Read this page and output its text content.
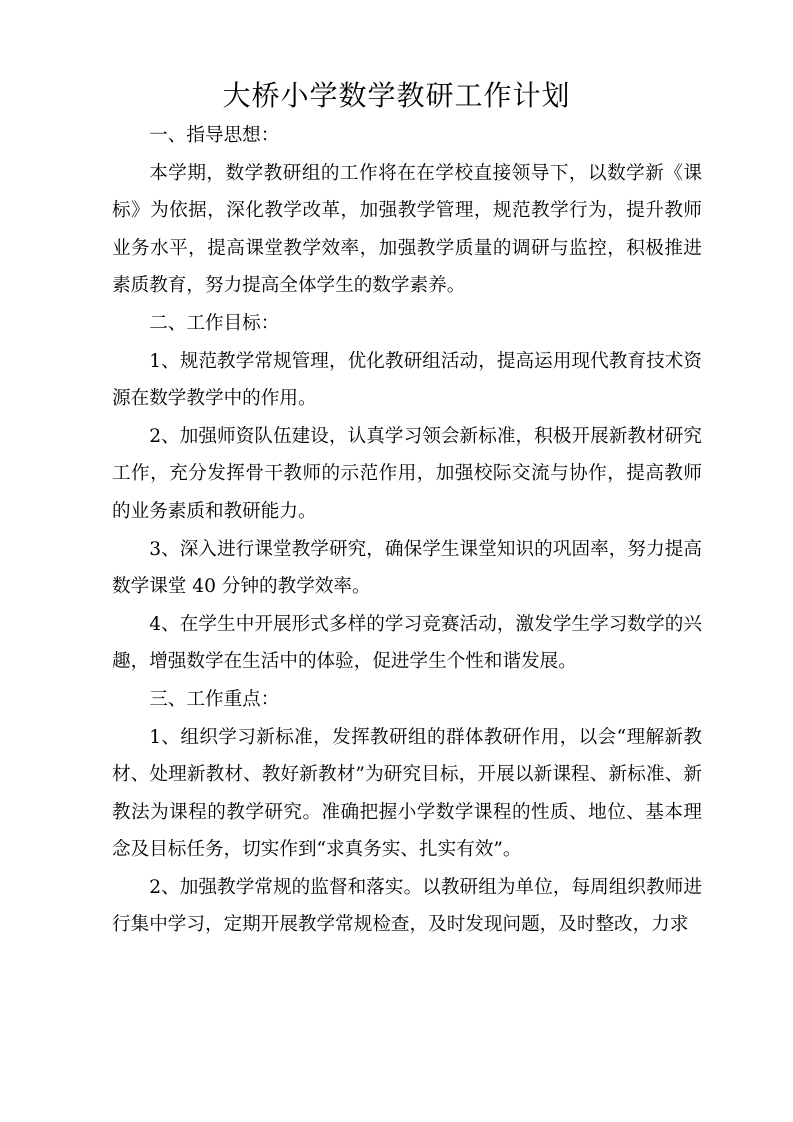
大桥小学数学教研工作计划

一、指导思想：

本学期，数学教研组的工作将在在学校直接领导下，以数学新《课标》为依据，深化教学改革，加强教学管理，规范教学行为，提升教师业务水平，提高课堂教学效率，加强教学质量的调研与监控，积极推进素质教育，努力提高全体学生的数学素养。

二、工作目标：

1、规范教学常规管理，优化教研组活动，提高运用现代教育技术资源在数学教学中的作用。

2、加强师资队伍建设，认真学习领会新标准，积极开展新教材研究工作，充分发挥骨干教师的示范作用，加强校际交流与协作，提高教师的业务素质和教研能力。

3、深入进行课堂教学研究，确保学生课堂知识的巩固率，努力提高数学课堂 40 分钟的教学效率。

4、在学生中开展形式多样的学习竞赛活动，激发学生学习数学的兴趣，增强数学在生活中的体验，促进学生个性和谐发展。

三、工作重点：

1、组织学习新标准，发挥教研组的群体教研作用，以会“理解新教材、处理新教材、教好新教材”为研究目标，开展以新课程、新标准、新教法为课程的教学研究。准确把握小学数学课程的性质、地位、基本理念及目标任务，切实作到“求真务实、扎实有效”。

2、加强教学常规的监督和落实。以教研组为单位，每周组织教师进行集中学习，定期开展教学常规检查，及时发现问题，及时整改，力求
